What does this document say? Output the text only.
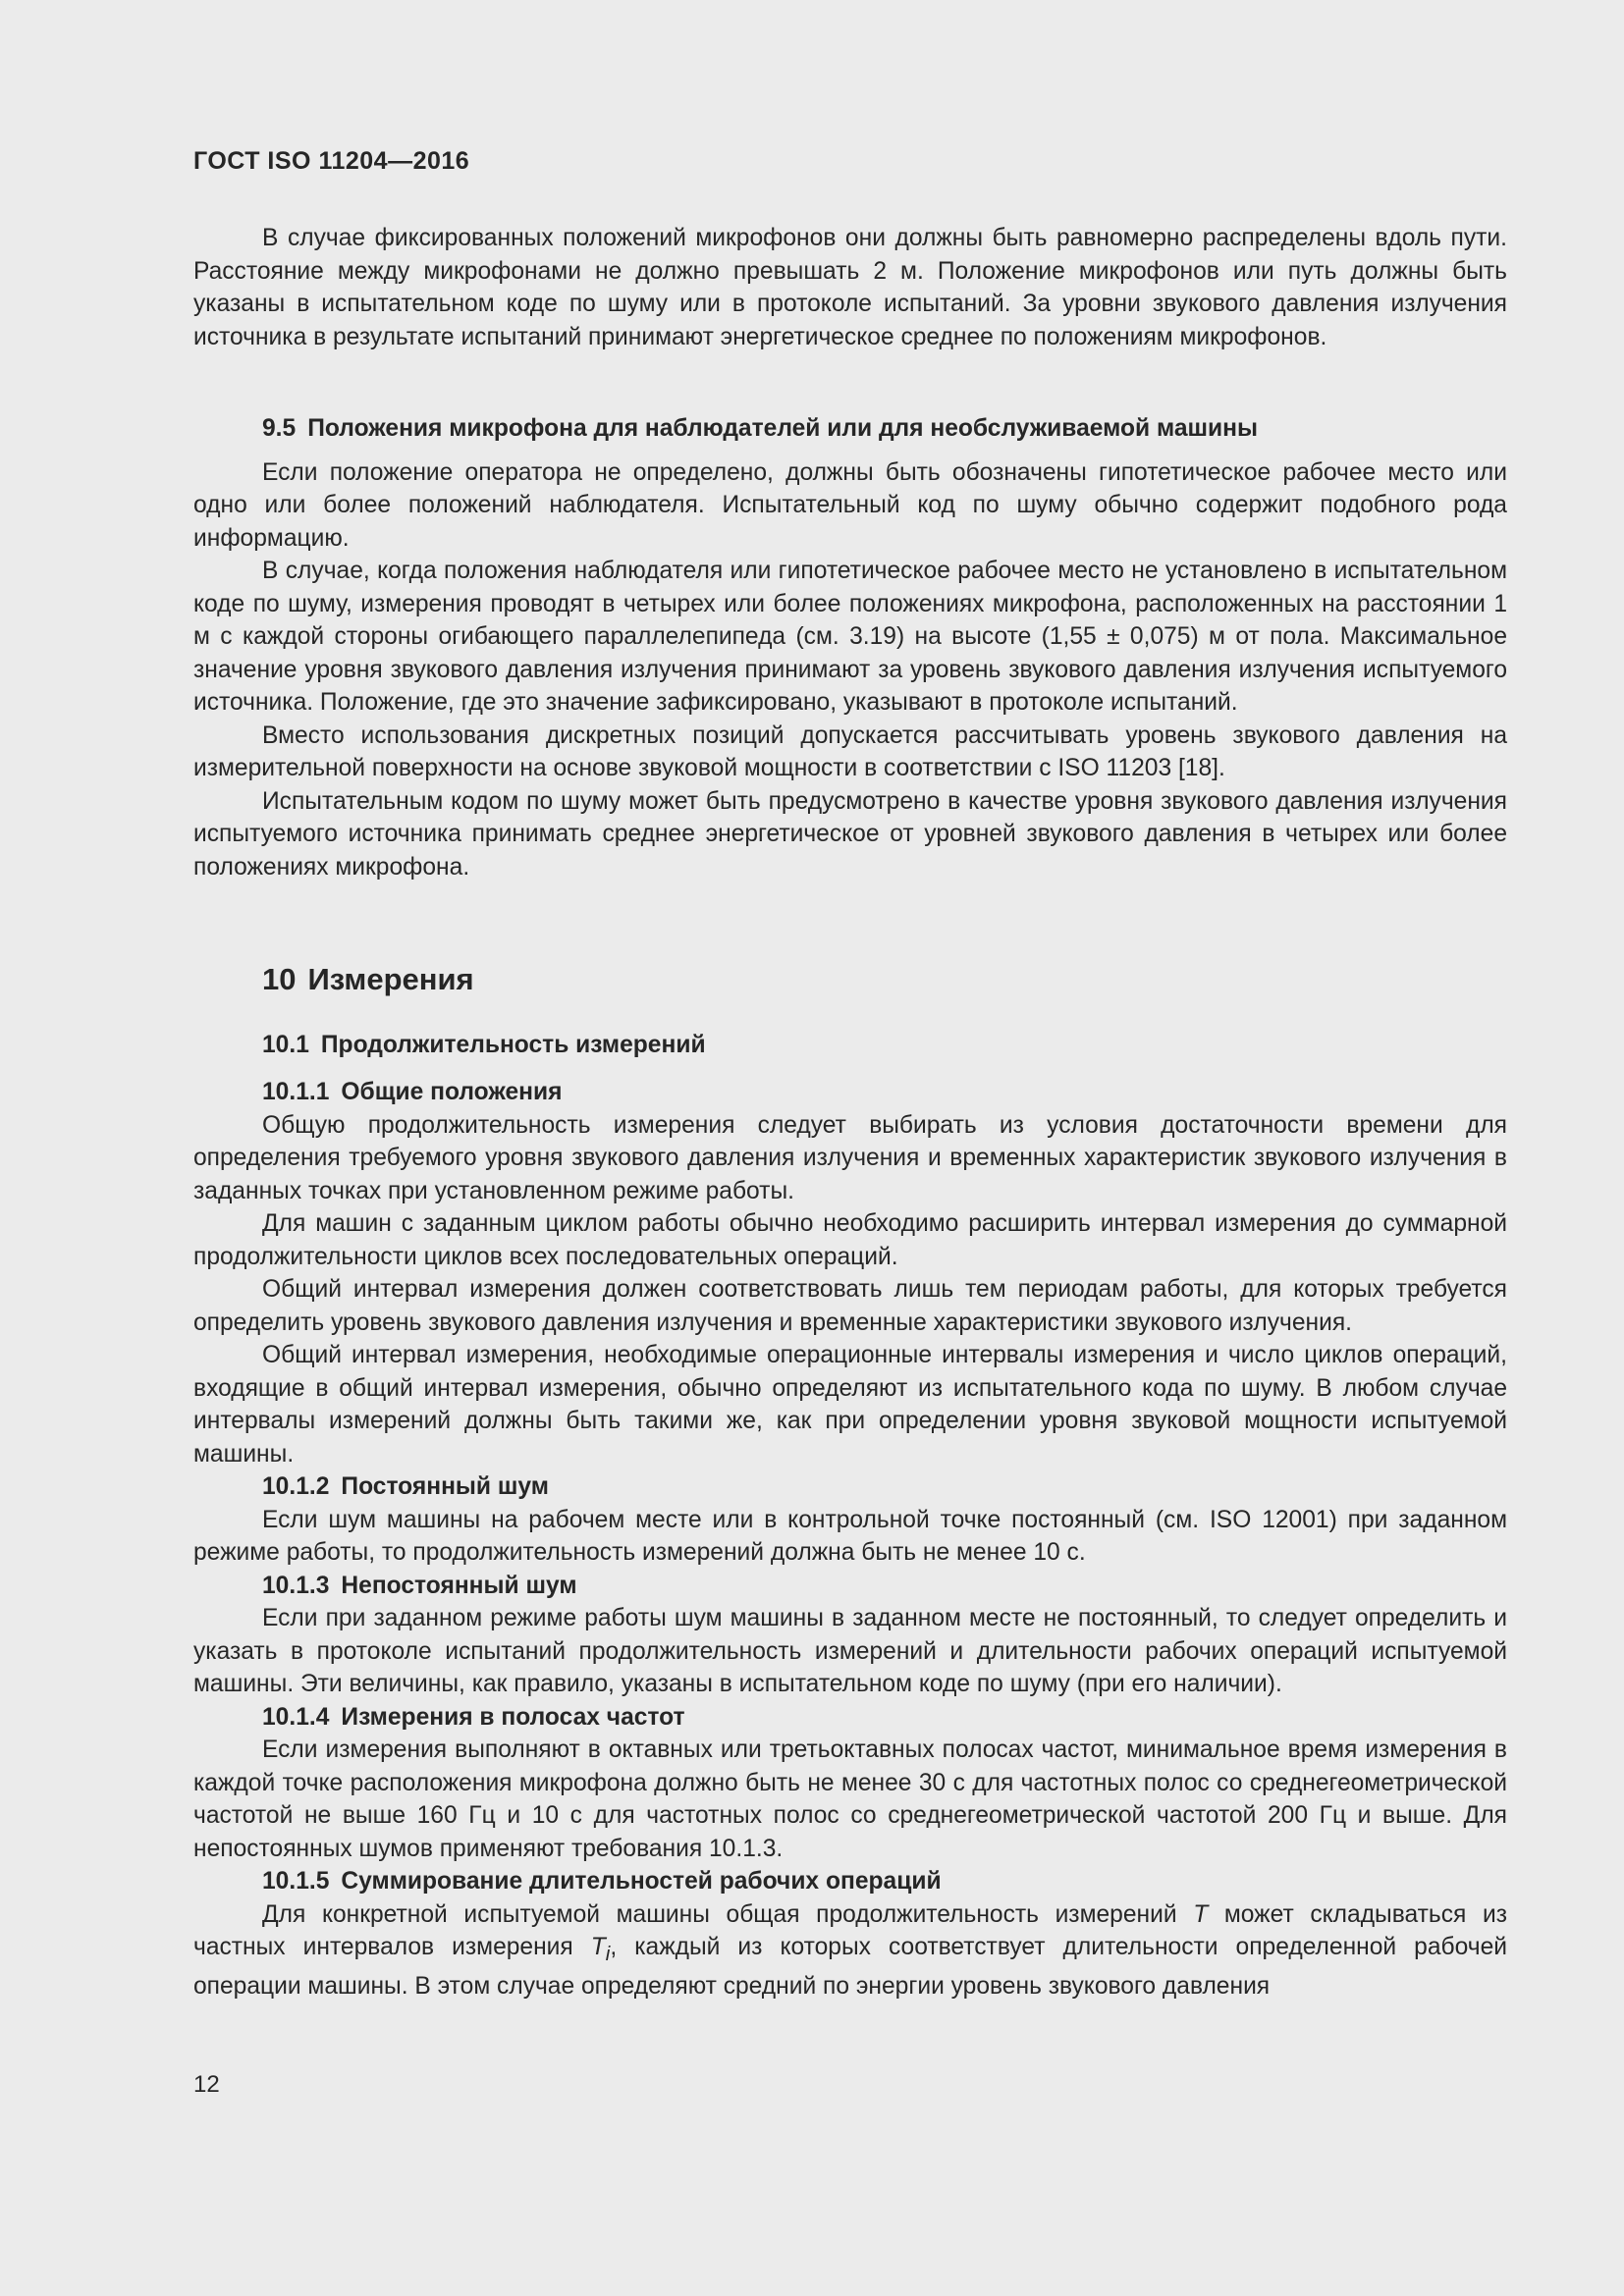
ГОСТ ISO 11204—2016

В случае фиксированных положений микрофонов они должны быть равномерно распределены вдоль пути. Расстояние между микрофонами не должно превышать 2 м. Положение микрофонов или путь должны быть указаны в испытательном коде по шуму или в протоколе испытаний. За уровни звукового давления излучения источника в результате испытаний принимают энергетическое среднее по положениям микрофонов.

9.5 Положения микрофона для наблюдателей или для необслуживаемой машины

Если положение оператора не определено, должны быть обозначены гипотетическое рабочее место или одно или более положений наблюдателя. Испытательный код по шуму обычно содержит подобного рода информацию.

В случае, когда положения наблюдателя или гипотетическое рабочее место не установлено в испытательном коде по шуму, измерения проводят в четырех или более положениях микрофона, расположенных на расстоянии 1 м с каждой стороны огибающего параллелепипеда (см. 3.19) на высоте (1,55 ± 0,075) м от пола. Максимальное значение уровня звукового давления излучения принимают за уровень звукового давления излучения испытуемого источника. Положение, где это значение зафиксировано, указывают в протоколе испытаний.

Вместо использования дискретных позиций допускается рассчитывать уровень звукового давления на измерительной поверхности на основе звуковой мощности в соответствии с ISO 11203 [18].

Испытательным кодом по шуму может быть предусмотрено в качестве уровня звукового давления излучения испытуемого источника принимать среднее энергетическое от уровней звукового давления в четырех или более положениях микрофона.

10 Измерения

10.1 Продолжительность измерений

10.1.1 Общие положения

Общую продолжительность измерения следует выбирать из условия достаточности времени для определения требуемого уровня звукового давления излучения и временных характеристик звукового излучения в заданных точках при установленном режиме работы.

Для машин с заданным циклом работы обычно необходимо расширить интервал измерения до суммарной продолжительности циклов всех последовательных операций.

Общий интервал измерения должен соответствовать лишь тем периодам работы, для которых требуется определить уровень звукового давления излучения и временные характеристики звукового излучения.

Общий интервал измерения, необходимые операционные интервалы измерения и число циклов операций, входящие в общий интервал измерения, обычно определяют из испытательного кода по шуму. В любом случае интервалы измерений должны быть такими же, как при определении уровня звуковой мощности испытуемой машины.

10.1.2 Постоянный шум

Если шум машины на рабочем месте или в контрольной точке постоянный (см. ISO 12001) при заданном режиме работы, то продолжительность измерений должна быть не менее 10 с.

10.1.3 Непостоянный шум

Если при заданном режиме работы шум машины в заданном месте не постоянный, то следует определить и указать в протоколе испытаний продолжительность измерений и длительности рабочих операций испытуемой машины. Эти величины, как правило, указаны в испытательном коде по шуму (при его наличии).

10.1.4 Измерения в полосах частот

Если измерения выполняют в октавных или третьоктавных полосах частот, минимальное время измерения в каждой точке расположения микрофона должно быть не менее 30 с для частотных полос со среднегеометрической частотой не выше 160 Гц и 10 с для частотных полос со среднегеометрической частотой 200 Гц и выше. Для непостоянных шумов применяют требования 10.1.3.

10.1.5 Суммирование длительностей рабочих операций

Для конкретной испытуемой машины общая продолжительность измерений T может складываться из частных интервалов измерения $T_i$, каждый из которых соответствует длительности определенной рабочей операции машины. В этом случае определяют средний по энергии уровень звукового давления

12
